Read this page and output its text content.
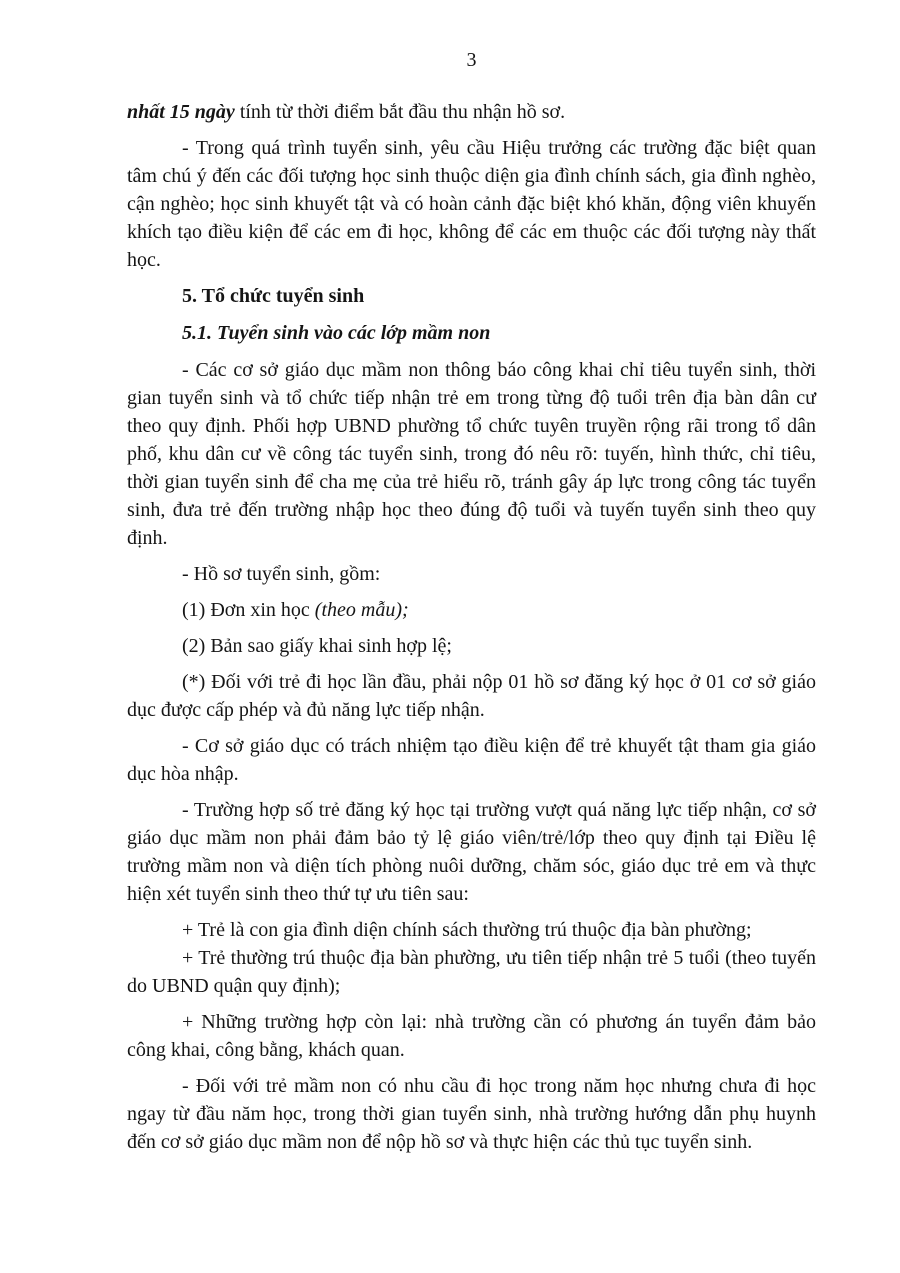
3

nhất 15 ngày tính từ thời điểm bắt đầu thu nhận hồ sơ.

- Trong quá trình tuyển sinh, yêu cầu Hiệu trưởng các trường đặc biệt quan tâm chú ý đến các đối tượng học sinh thuộc diện gia đình chính sách, gia đình nghèo, cận nghèo; học sinh khuyết tật và có hoàn cảnh đặc biệt khó khăn, động viên khuyến khích tạo điều kiện để các em đi học, không để các em thuộc các đối tượng này thất học.

5. Tổ chức tuyển sinh

5.1. Tuyển sinh vào các lớp mầm non

- Các cơ sở giáo dục mầm non thông báo công khai chỉ tiêu tuyển sinh, thời gian tuyển sinh và tổ chức tiếp nhận trẻ em trong từng độ tuổi trên địa bàn dân cư theo quy định. Phối hợp UBND phường tổ chức tuyên truyền rộng rãi trong tổ dân phố, khu dân cư về công tác tuyển sinh, trong đó nêu rõ: tuyến, hình thức, chỉ tiêu, thời gian tuyển sinh để cha mẹ của trẻ hiểu rõ, tránh gây áp lực trong công tác tuyển sinh, đưa trẻ đến trường nhập học theo đúng độ tuổi và tuyến tuyển sinh theo quy định.

- Hồ sơ tuyển sinh, gồm:

(1) Đơn xin học (theo mẫu);

(2) Bản sao giấy khai sinh hợp lệ;

(*) Đối với trẻ đi học lần đầu, phải nộp 01 hồ sơ đăng ký học ở 01 cơ sở giáo dục được cấp phép và đủ năng lực tiếp nhận.

- Cơ sở giáo dục có trách nhiệm tạo điều kiện để trẻ khuyết tật tham gia giáo dục hòa nhập.

- Trường hợp số trẻ đăng ký học tại trường vượt quá năng lực tiếp nhận, cơ sở giáo dục mầm non phải đảm bảo tỷ lệ giáo viên/trẻ/lớp theo quy định tại Điều lệ trường mầm non và diện tích phòng nuôi dưỡng, chăm sóc, giáo dục trẻ em và thực hiện xét tuyển sinh theo thứ tự ưu tiên sau:

+ Trẻ là con gia đình diện chính sách thường trú thuộc địa bàn phường;

+ Trẻ thường trú thuộc địa bàn phường, ưu tiên tiếp nhận trẻ 5 tuổi (theo tuyến do UBND quận quy định);

+ Những trường hợp còn lại: nhà trường cần có phương án tuyển đảm bảo công khai, công bằng, khách quan.

- Đối với trẻ mầm non có nhu cầu đi học trong năm học nhưng chưa đi học ngay từ đầu năm học, trong thời gian tuyển sinh, nhà trường hướng dẫn phụ huynh đến cơ sở giáo dục mầm non để nộp hồ sơ và thực hiện các thủ tục tuyển sinh.
